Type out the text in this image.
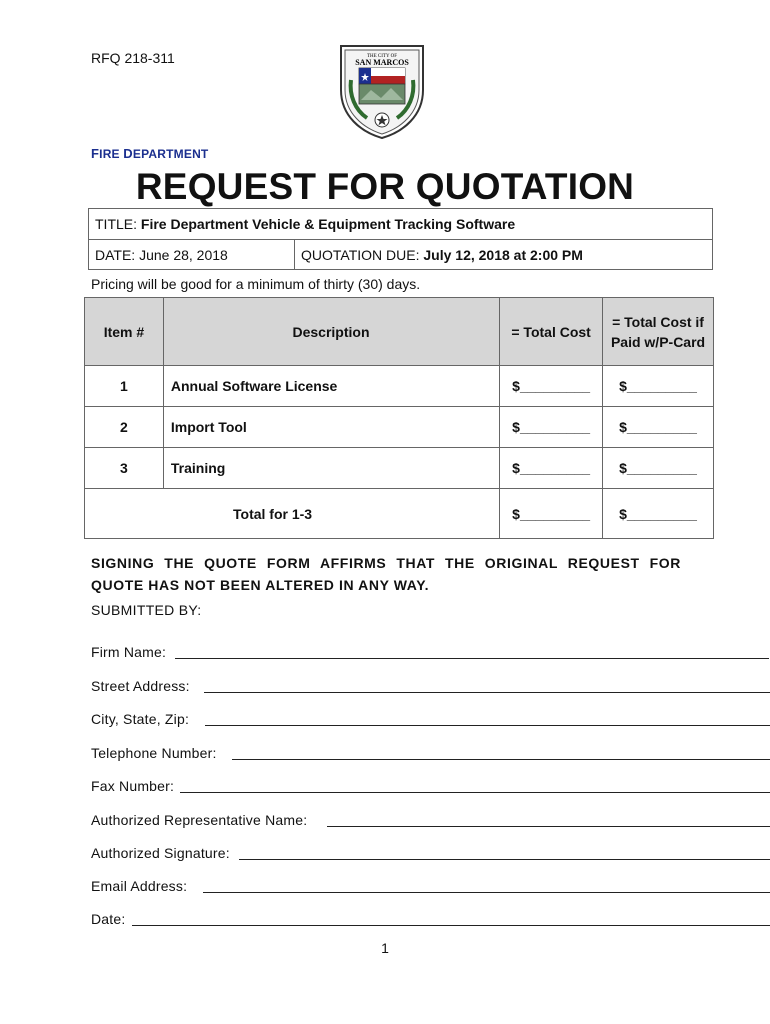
RFQ 218-311	THE CITY OF
SAN MARCOS
FIRE DEPARTMENT
REQUEST FOR QUOTATION
TITLE: Fire Department Vehicle & Equipment Tracking Software
DATE: June 28, 2018	QUOTATION DUE: July 12, 2018 at 2:00 PM
Pricing will be good for a minimum of thirty (30) days.
Item #	Description	= Total Cost	= Total Cost if Paid w/P-Card
1	Annual Software License	$_________	$_________
2	Import Tool	$_________	$_________
3	Training	$_________	$_________
Total for 1-3		$_________	$_________
SIGNING THE QUOTE FORM AFFIRMS THAT THE ORIGINAL REQUEST FOR QUOTE HAS NOT BEEN ALTERED IN ANY WAY.
SUBMITTED BY:
Firm Name:
Street Address:
City, State, Zip:
Telephone Number:
Fax Number:
Authorized Representative Name:
Authorized Signature:
Email Address:
Date:
1
